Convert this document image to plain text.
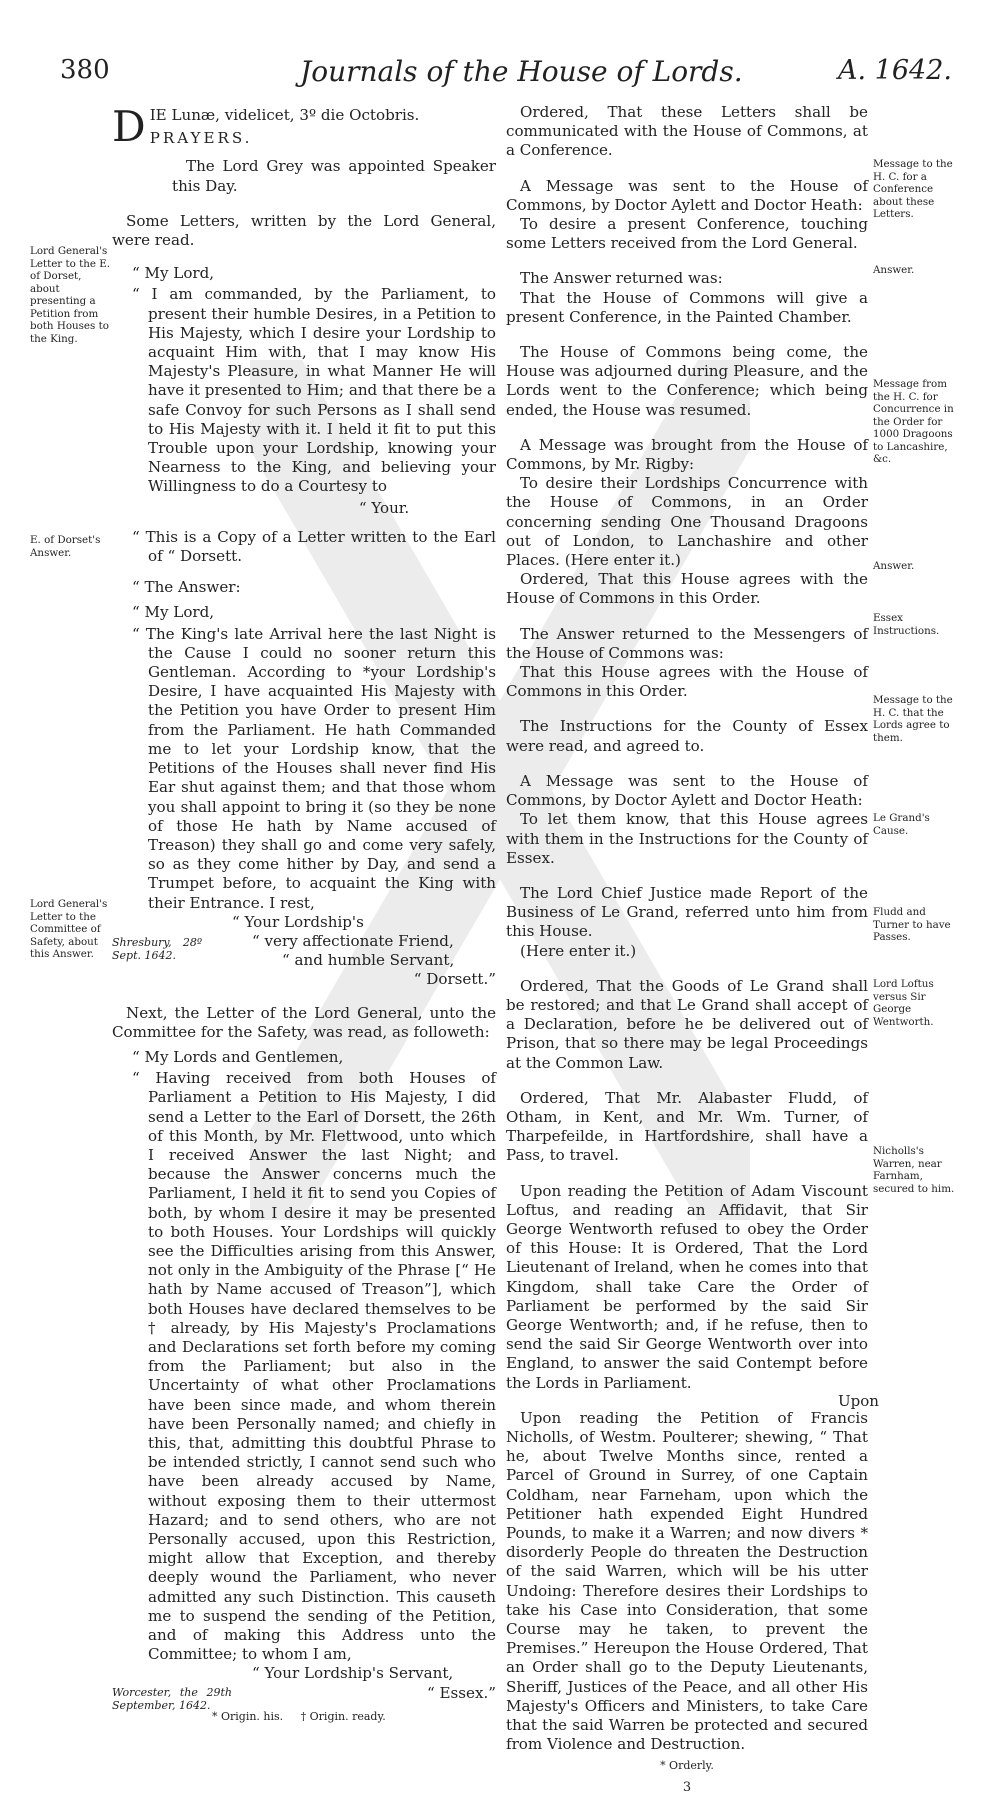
380	Journals of the House of Lords.	A. 1642.

D IE Lunæ, videlicet, 3º die Octobris.

PRAYERS.

The Lord Grey was appointed Speaker this Day.

Some Letters, written by the Lord General, were read.

“ My Lord,

“ I am commanded, by the Parliament, to present their humble Desires, in a Petition to His Majesty, which I desire your Lordship to acquaint Him with, that I may know His Majesty's Pleasure, in what Manner He will have it presented to Him; and that there be a safe Convoy for such Persons as I shall send to His Majesty with it. I held it fit to put this Trouble upon your Lordship, knowing your Nearness to the King, and believing your Willingness to do a Courtesy to

“ Your.

“ This is a Copy of a Letter written to the Earl of “ Dorsett.

“ The Answer:

“ My Lord,

“ The King's late Arrival here the last Night is the Cause I could no sooner return this Gentleman. According to *your Lordship's Desire, I have acquainted His Majesty with the Petition you have Order to present Him from the Parliament. He hath Commanded me to let your Lordship know, that the Petitions of the Houses shall never find His Ear shut against them; and that those whom you shall appoint to bring it (so they be none of those He hath by Name accused of Treason) they shall go and come very safely, so as they come hither by Day, and send a Trumpet before, to acquaint the King with their Entrance. I rest,

“ Your Lordship's

Shresbury, 28º Sept. 1642.

“ very affectionate Friend,

“ and humble Servant,

“ Dorsett.”

Next, the Letter of the Lord General, unto the Committee for the Safety, was read, as followeth:

“ My Lords and Gentlemen,

“ Having received from both Houses of Parliament a Petition to His Majesty, I did send a Letter to the Earl of Dorsett, the 26th of this Month, by Mr. Flettwood, unto which I received Answer the last Night; and because the Answer concerns much the Parliament, I held it fit to send you Copies of both, by whom I desire it may be presented to both Houses. Your Lordships will quickly see the Difficulties arising from this Answer, not only in the Ambiguity of the Phrase [“ He hath by Name accused of Treason”], which both Houses have declared themselves to be † already, by His Majesty's Proclamations and Declarations set forth before my coming from the Parliament; but also in the Uncertainty of what other Proclamations have been since made, and whom therein have been Personally named; and chiefly in this, that, admitting this doubtful Phrase to be intended strictly, I cannot send such who have been already accused by Name, without exposing them to their uttermost Hazard; and to send others, who are not Personally accused, upon this Restriction, might allow that Exception, and thereby deeply wound the Parliament, who never admitted any such Distinction. This causeth me to suspend the sending of the Petition, and of making this Address unto the Committee; to whom I am,

“ Your Lordship's Servant,

Worcester, the 29th September, 1642.

“ Essex.”

* Origin. his.     † Origin. ready.

Lord General's Letter to the E. of Dorset, about presenting a Petition from both Houses to the King.
E. of Dorset's Answer.
Lord General's Letter to the Committee of Safety, about this Answer.

Ordered, That these Letters shall be communicated with the House of Commons, at a Conference.

A Message was sent to the House of Commons, by Doctor Aylett and Doctor Heath:

To desire a present Conference, touching some Letters received from the Lord General.

The Answer returned was:

That the House of Commons will give a present Conference, in the Painted Chamber.

The House of Commons being come, the House was adjourned during Pleasure, and the Lords went to the Conference; which being ended, the House was resumed.

A Message was brought from the House of Commons, by Mr. Rigby:

To desire their Lordships Concurrence with the House of Commons, in an Order concerning sending One Thousand Dragoons out of London, to Lanchashire and other Places. (Here enter it.)

Ordered, That this House agrees with the House of Commons in this Order.

The Answer returned to the Messengers of the House of Commons was:

That this House agrees with the House of Commons in this Order.

The Instructions for the County of Essex were read, and agreed to.

A Message was sent to the House of Commons, by Doctor Aylett and Doctor Heath:

To let them know, that this House agrees with them in the Instructions for the County of Essex.

The Lord Chief Justice made Report of the Business of Le Grand, referred unto him from this House.

(Here enter it.)

Ordered, That the Goods of Le Grand shall be restored; and that Le Grand shall accept of a Declaration, before he be delivered out of Prison, that so there may be legal Proceedings at the Common Law.

Ordered, That Mr. Alabaster Fludd, of Otham, in Kent, and Mr. Wm. Turner, of Tharpefeilde, in Hartfordshire, shall have a Pass, to travel.

Upon reading the Petition of Adam Viscount Loftus, and reading an Affidavit, that Sir George Wentworth refused to obey the Order of this House: It is Ordered, That the Lord Lieutenant of Ireland, when he comes into that Kingdom, shall take Care the Order of Parliament be performed by the said Sir George Wentworth; and, if he refuse, then to send the said Sir George Wentworth over into England, to answer the said Contempt before the Lords in Parliament.

Upon reading the Petition of Francis Nicholls, of Westm. Poulterer; shewing, “ That he, about Twelve Months since, rented a Parcel of Ground in Surrey, of one Captain Coldham, near Farneham, upon which the Petitioner hath expended Eight Hundred Pounds, to make it a Warren; and now divers * disorderly People do threaten the Destruction of the said Warren, which will be his utter Undoing: Therefore desires their Lordships to take his Case into Consideration, that some Course may he taken, to prevent the Premises.” Hereupon the House Ordered, That an Order shall go to the Deputy Lieutenants, Sheriff, Justices of the Peace, and all other His Majesty's Officers and Ministers, to take Care that the said Warren be protected and secured from Violence and Destruction.

* Orderly.

3

Message to the H. C. for a Conference about these Letters.
Answer.
Message from the H. C. for Concurrence in the Order for 1000 Dragoons to Lancashire, &c.
Answer.
Essex Instructions.
Message to the H. C. that the Lords agree to them.
Le Grand's Cause.
Fludd and Turner to have Passes.
Lord Loftus versus Sir George Wentworth.
Nicholls's Warren, near Farnham, secured to him.
Upon
